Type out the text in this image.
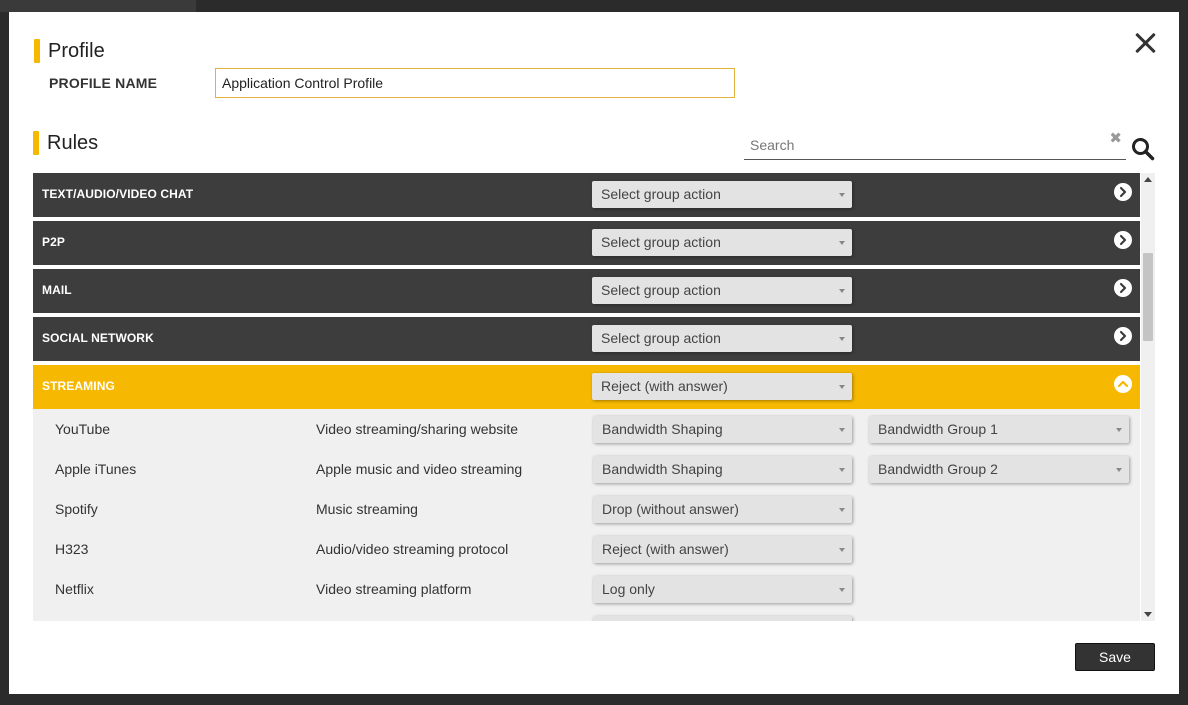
Profile
PROFILE NAME
Application Control Profile
Rules
Search	✖
TEXT/AUDIO/VIDEO CHAT	Select group action
P2P	Select group action
MAIL	Select group action
SOCIAL NETWORK	Select group action
STREAMING	Reject (with answer)
YouTube	Video streaming/sharing website	Bandwidth Shaping	Bandwidth Group 1
Apple iTunes	Apple music and video streaming	Bandwidth Shaping	Bandwidth Group 2
Spotify	Music streaming	Drop (without answer)
H323	Audio/video streaming protocol	Reject (with answer)
Netflix	Video streaming platform	Log only
Save
